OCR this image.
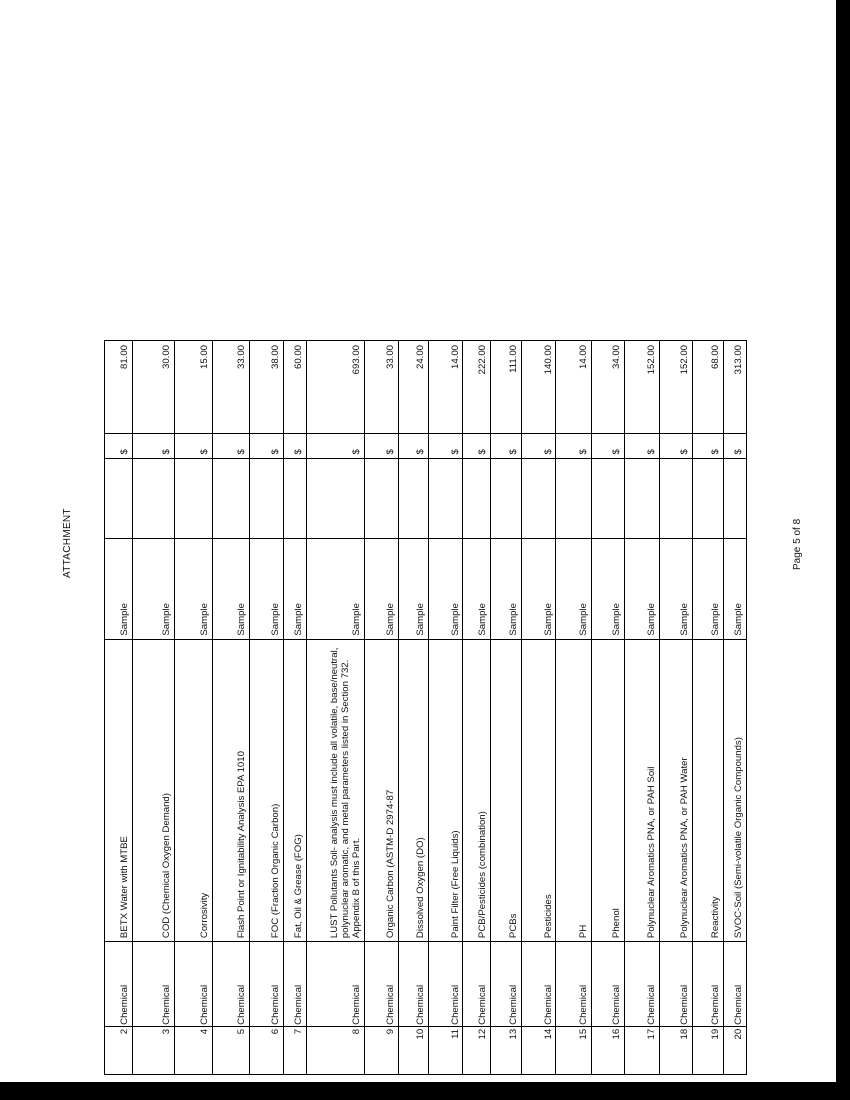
ATTACHMENT	Page 5 of 8
2	Chemical	BETX Water with MTBE	Sample		$	81.00
3	Chemical	COD (Chemical Oxygen Demand)	Sample		$	30.00
4	Chemical	Corrosivity	Sample		$	15.00
5	Chemical	Flash Point or Ignitability Analysis EPA 1010	Sample		$	33.00
6	Chemical	FOC (Fraction Organic Carbon)	Sample		$	38.00
7	Chemical	Fat, Oil & Grease (FOG)	Sample		$	60.00
8	Chemical	LUST Pollutants Soil- analysis must include all volatile, base/neutral, polynuclear aromatic, and metal parameters listed in Section 732. Appendix B of this Part.	Sample		$	693.00
9	Chemical	Organic Carbon (ASTM-D 2974-87	Sample		$	33.00
10	Chemical	Dissolved Oxygen (DO)	Sample		$	24.00
11	Chemical	Paint Filter (Free Liquids)	Sample		$	14.00
12	Chemical	PCB/Pesticides (combination)	Sample		$	222.00
13	Chemical	PCBs	Sample		$	111.00
14	Chemical	Pesticides	Sample		$	140.00
15	Chemical	PH	Sample		$	14.00
16	Chemical	Phenol	Sample		$	34.00
17	Chemical	Polynuclear Aromatics PNA, or PAH Soil	Sample		$	152.00
18	Chemical	Polynuclear Aromatics PNA, or PAH Water	Sample		$	152.00
19	Chemical	Reactivity	Sample		$	68.00
20	Chemical	SVOC-Soil (Semi-volatile Organic Compounds)	Sample		$	313.00
